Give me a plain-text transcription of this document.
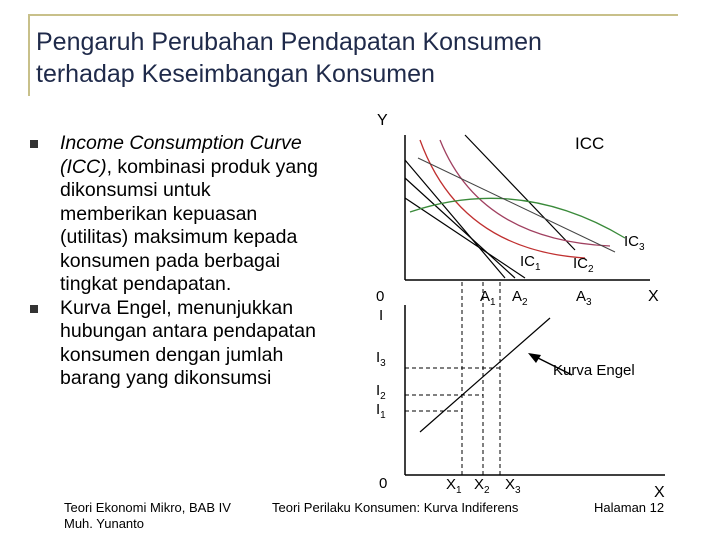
Pengaruh Perubahan Pendapatan Konsumen
terhadap Keseimbangan Konsumen
Income Consumption Curve
(ICC), kombinasi produk yang
dikonsumsi untuk
memberikan kepuasan
(utilitas) maksimum kepada
konsumen pada berbagai
tingkat pendapatan.
Kurva Engel, menunjukkan
hubungan antara pendapatan
konsumen dengan jumlah
barang yang dikonsumsi
Y
ICC
$IC_1$ $IC_2$
$IC_3$
$A_1$ $A_2$	$A_3$	X
0
I
$I_3$
$I_2$
$I_1$
Kurva Engel
0	$X_1$ $X_2$ $X_3$	X
Teori Ekonomi Mikro, BAB IV
Muh. Yunanto
Teori Perilaku Konsumen: Kurva Indiferens	Halaman 12
